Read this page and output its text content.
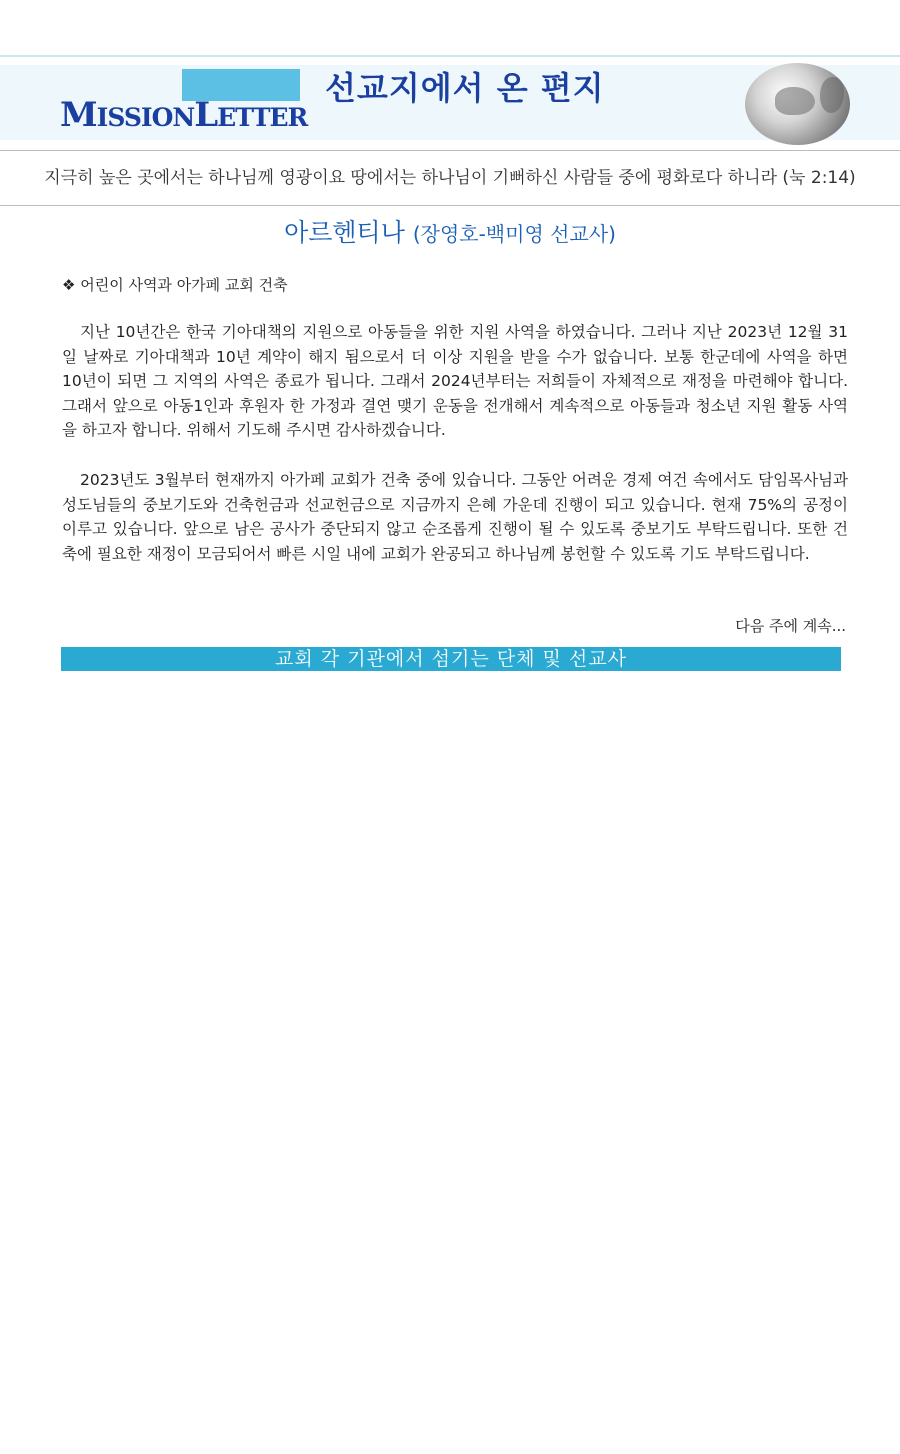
MISSIONLETTER
선교지에서 온 편지
지극히 높은 곳에서는 하나님께 영광이요 땅에서는 하나님이 기뻐하신 사람들 중에 평화로다 하니라 (눅 2:14)
아르헨티나 (장영호-백미영 선교사)
❖ 어린이 사역과 아가페 교회 건축

지난 10년간은 한국 기아대책의 지원으로 아동들을 위한 지원 사역을 하였습니다. 그러나 지난 2023년 12월 31일 날짜로 기아대책과 10년 계약이 해지 됨으로서 더 이상 지원을 받을 수가 없습니다. 보통 한군데에 사역을 하면 10년이 되면 그 지역의 사역은 종료가 됩니다. 그래서 2024년부터는 저희들이 자체적으로 재정을 마련해야 합니다. 그래서 앞으로 아동1인과 후원자 한 가정과 결연 맺기 운동을 전개해서 계속적으로 아동들과 청소년 지원 활동 사역을 하고자 합니다. 위해서 기도해 주시면 감사하겠습니다.

2023년도 3월부터 현재까지 아가페 교회가 건축 중에 있습니다. 그동안 어려운 경제 여건 속에서도 담임목사님과 성도님들의 중보기도와 건축헌금과 선교헌금으로 지금까지 은혜 가운데 진행이 되고 있습니다. 현재 75%의 공정이 이루고 있습니다. 앞으로 남은 공사가 중단되지 않고 순조롭게 진행이 될 수 있도록 중보기도 부탁드립니다. 또한 건축에 필요한 재정이 모금되어서 빠른 시일 내에 교회가 완공되고 하나님께 봉헌할 수 있도록 기도 부탁드립니다.

다음 주에 계속...
교회 각 기관에서 섬기는 단체 및 선교사
